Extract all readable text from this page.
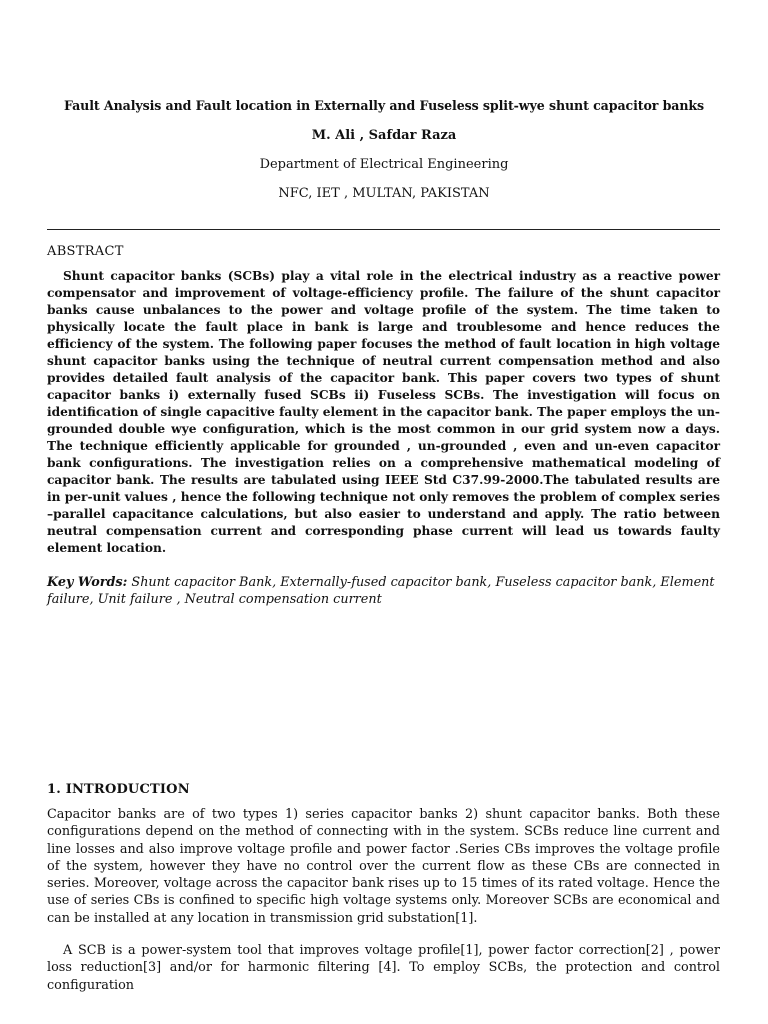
Fault Analysis and Fault location in Externally and Fuseless split-wye shunt capacitor banks
M. Ali , Safdar Raza
Department of Electrical Engineering
NFC, IET , MULTAN, PAKISTAN
ABSTRACT
Shunt capacitor banks (SCBs) play a vital role in the electrical industry as a reactive power compensator and improvement of voltage-efficiency profile. The failure of the shunt capacitor banks cause unbalances to the power and voltage profile of the system. The time taken to physically locate the fault place in bank is large and troublesome and hence reduces the efficiency of the system. The following paper focuses the method of fault location in high voltage shunt capacitor banks using the technique of neutral current compensation method and also provides detailed fault analysis of the capacitor bank. This paper covers two types of shunt capacitor banks i) externally fused SCBs ii) Fuseless SCBs. The investigation will focus on identification of single capacitive faulty element in the capacitor bank. The paper employs the un-grounded double wye configuration, which is the most common in our grid system now a days. The technique efficiently applicable for grounded , un-grounded , even and un-even capacitor bank configurations. The investigation relies on a comprehensive mathematical modeling of capacitor bank. The results are tabulated using IEEE Std C37.99-2000.The tabulated results are in per-unit values , hence the following technique not only removes the problem of complex series –parallel capacitance calculations, but also easier to understand and apply. The ratio between neutral compensation current and corresponding phase current will lead us towards faulty element location.
Key Words: Shunt capacitor Bank, Externally-fused capacitor bank, Fuseless capacitor bank, Element failure, Unit failure , Neutral compensation current
1. INTRODUCTION
Capacitor banks are of two types 1) series capacitor banks 2) shunt capacitor banks. Both these configurations depend on the method of connecting with in the system. SCBs reduce line current and line losses and also improve voltage profile and power factor .Series CBs improves the voltage profile of the system, however they have no control over the current flow as these CBs are connected in series. Moreover, voltage across the capacitor bank rises up to 15 times of its rated voltage. Hence the use of series CBs is confined to specific high voltage systems only. Moreover SCBs are economical and can be installed at any location in transmission grid substation[1].
A SCB is a power-system tool that improves voltage profile[1], power factor correction[2] , power loss reduction[3] and/or for harmonic filtering [4]. To employ SCBs, the protection and control configuration
